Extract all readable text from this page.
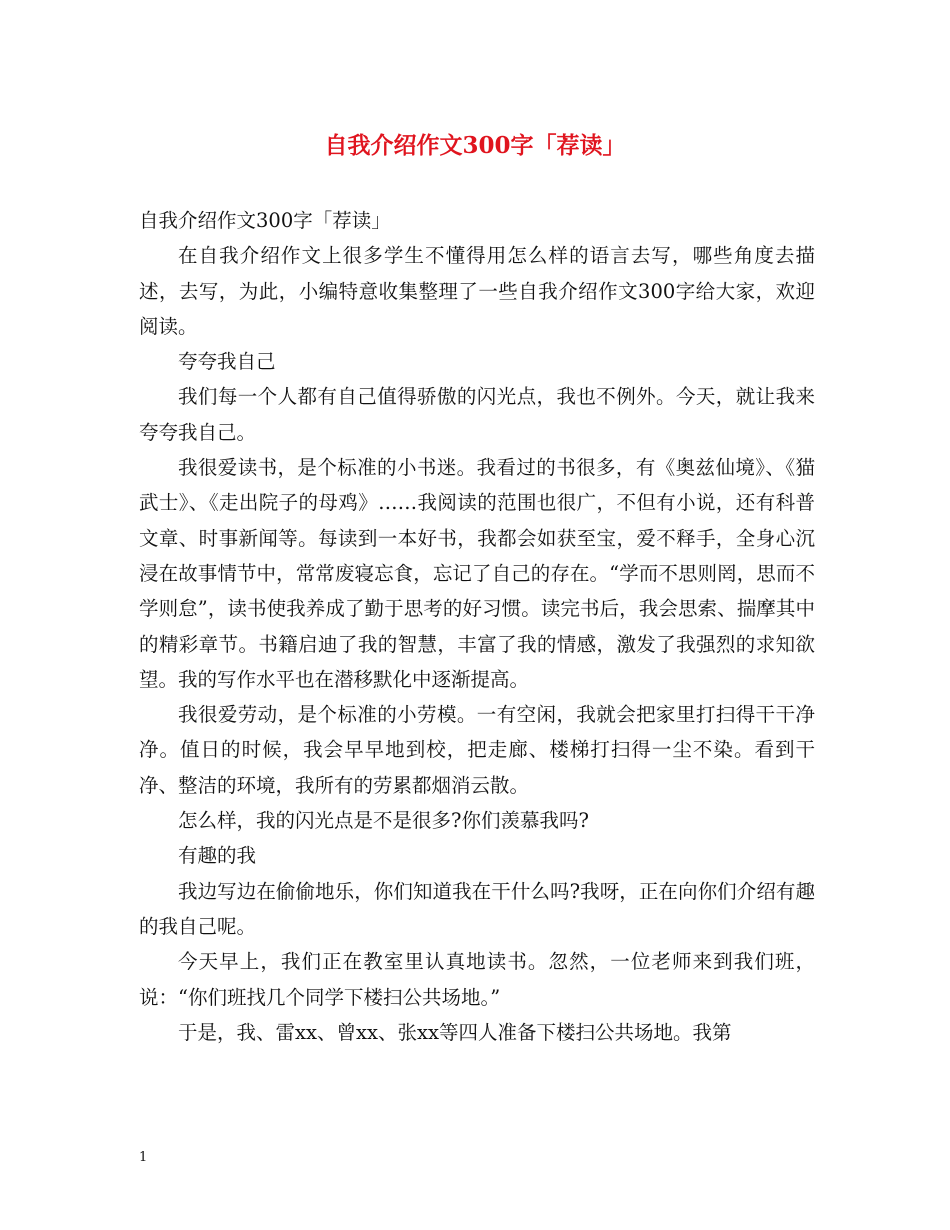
自我介绍作文300字「荐读」

自我介绍作文300字「荐读」

在自我介绍作文上很多学生不懂得用怎么样的语言去写，哪些角度去描述，去写，为此，小编特意收集整理了一些自我介绍作文300字给大家，欢迎阅读。

夸夸我自己

我们每一个人都有自己值得骄傲的闪光点，我也不例外。今天，就让我来夸夸我自己。

我很爱读书，是个标准的小书迷。我看过的书很多，有《奥兹仙境》、《猫武士》、《走出院子的母鸡》……我阅读的范围也很广，不但有小说，还有科普文章、时事新闻等。每读到一本好书，我都会如获至宝，爱不释手，全身心沉浸在故事情节中，常常废寝忘食，忘记了自己的存在。“学而不思则罔，思而不学则怠”，读书使我养成了勤于思考的好习惯。读完书后，我会思索、揣摩其中的精彩章节。书籍启迪了我的智慧，丰富了我的情感，激发了我强烈的求知欲望。我的写作水平也在潜移默化中逐渐提高。

我很爱劳动，是个标准的小劳模。一有空闲，我就会把家里打扫得干干净净。值日的时候，我会早早地到校，把走廊、楼梯打扫得一尘不染。看到干净、整洁的环境，我所有的劳累都烟消云散。

怎么样，我的闪光点是不是很多?你们羡慕我吗?

有趣的我

我边写边在偷偷地乐，你们知道我在干什么吗?我呀，正在向你们介绍有趣的我自己呢。

今天早上，我们正在教室里认真地读书。忽然，一位老师来到我们班，说：“你们班找几个同学下楼扫公共场地。”

于是，我、雷xx、曾xx、张xx等四人准备下楼扫公共场地。我第

1
